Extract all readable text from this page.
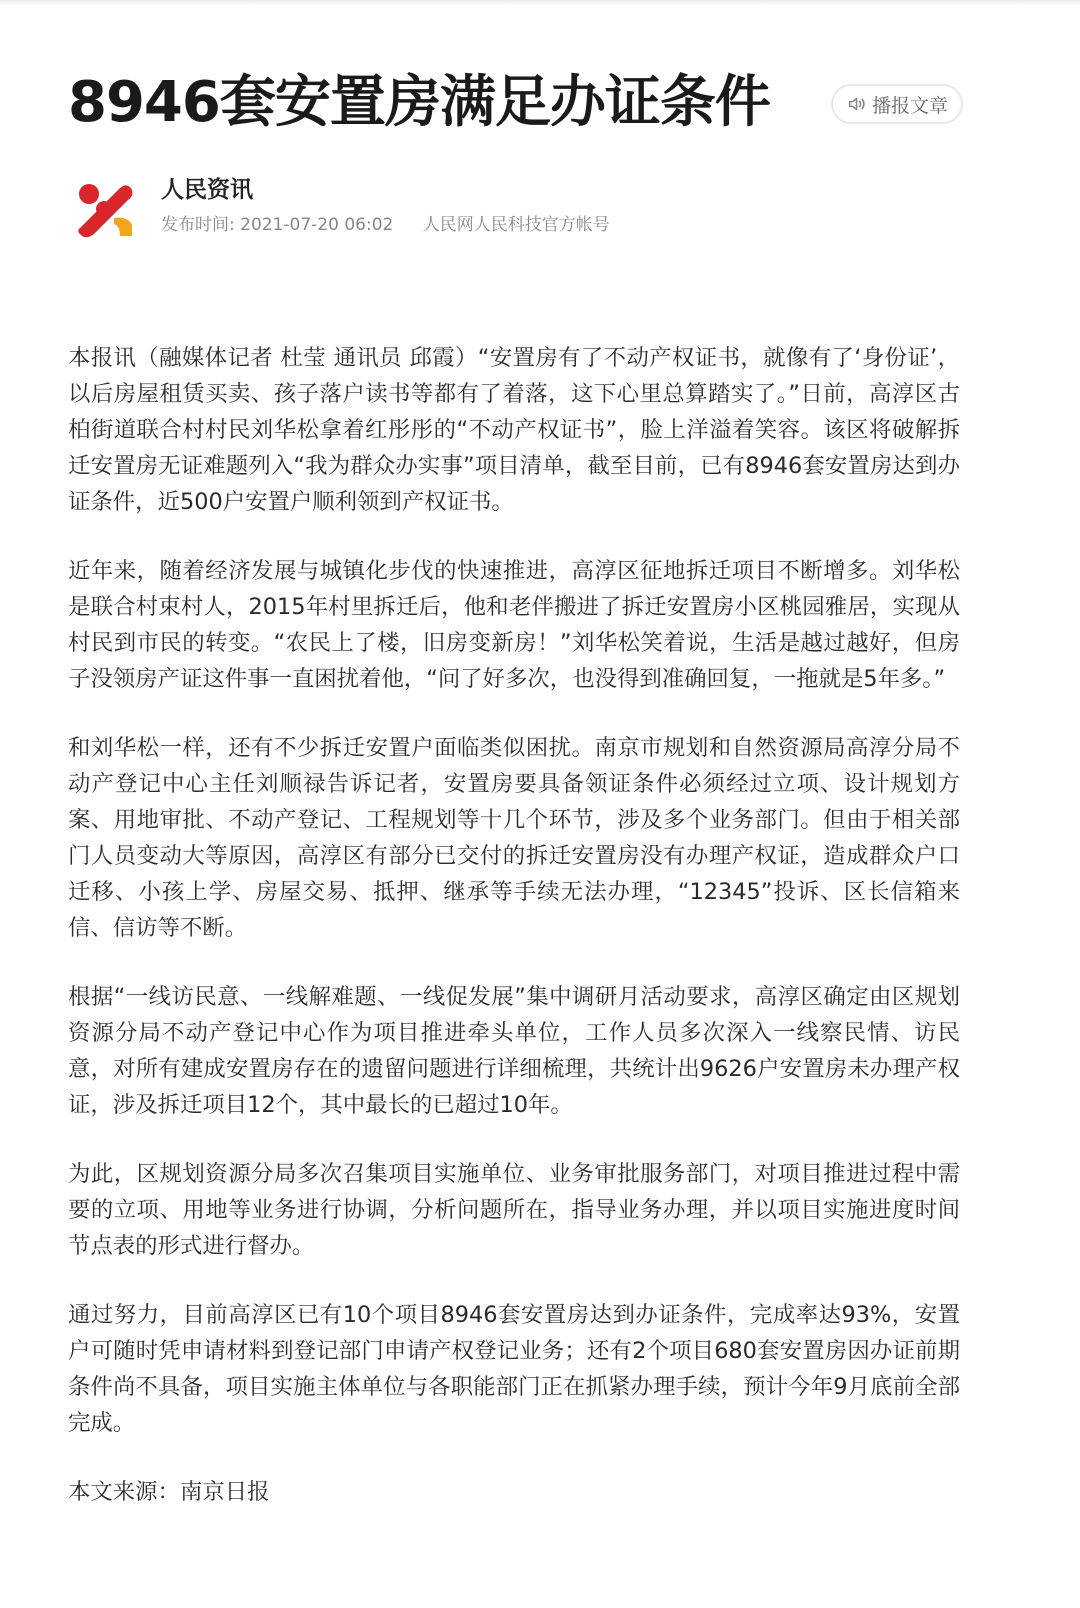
8946套安置房满足办证条件	播报文章
人民资讯
发布时间: 2021-07-20 06:02 人民网人民科技官方帐号

本报讯（融媒体记者 杜莹 通讯员 邱霞）“安置房有了不动产权证书，就像有了‘身份证’，以后房屋租赁买卖、孩子落户读书等都有了着落，这下心里总算踏实了。”日前，高淳区古柏街道联合村村民刘华松拿着红彤彤的“不动产权证书”，脸上洋溢着笑容。该区将破解拆迁安置房无证难题列入“我为群众办实事”项目清单，截至目前，已有8946套安置房达到办证条件，近500户安置户顺利领到产权证书。

近年来，随着经济发展与城镇化步伐的快速推进，高淳区征地拆迁项目不断增多。刘华松是联合村束村人，2015年村里拆迁后，他和老伴搬进了拆迁安置房小区桃园雅居，实现从村民到市民的转变。“农民上了楼，旧房变新房！”刘华松笑着说，生活是越过越好，但房子没领房产证这件事一直困扰着他，“问了好多次，也没得到准确回复，一拖就是5年多。”

和刘华松一样，还有不少拆迁安置户面临类似困扰。南京市规划和自然资源局高淳分局不动产登记中心主任刘顺禄告诉记者，安置房要具备领证条件必须经过立项、设计规划方案、用地审批、不动产登记、工程规划等十几个环节，涉及多个业务部门。但由于相关部门人员变动大等原因，高淳区有部分已交付的拆迁安置房没有办理产权证，造成群众户口迁移、小孩上学、房屋交易、抵押、继承等手续无法办理，“12345”投诉、区长信箱来信、信访等不断。

根据“一线访民意、一线解难题、一线促发展”集中调研月活动要求，高淳区确定由区规划资源分局不动产登记中心作为项目推进牵头单位，工作人员多次深入一线察民情、访民意，对所有建成安置房存在的遗留问题进行详细梳理，共统计出9626户安置房未办理产权证，涉及拆迁项目12个，其中最长的已超过10年。

为此，区规划资源分局多次召集项目实施单位、业务审批服务部门，对项目推进过程中需要的立项、用地等业务进行协调，分析问题所在，指导业务办理，并以项目实施进度时间节点表的形式进行督办。

通过努力，目前高淳区已有10个项目8946套安置房达到办证条件，完成率达93%，安置户可随时凭申请材料到登记部门申请产权登记业务；还有2个项目680套安置房因办证前期条件尚不具备，项目实施主体单位与各职能部门正在抓紧办理手续，预计今年9月底前全部完成。

本文来源：南京日报
